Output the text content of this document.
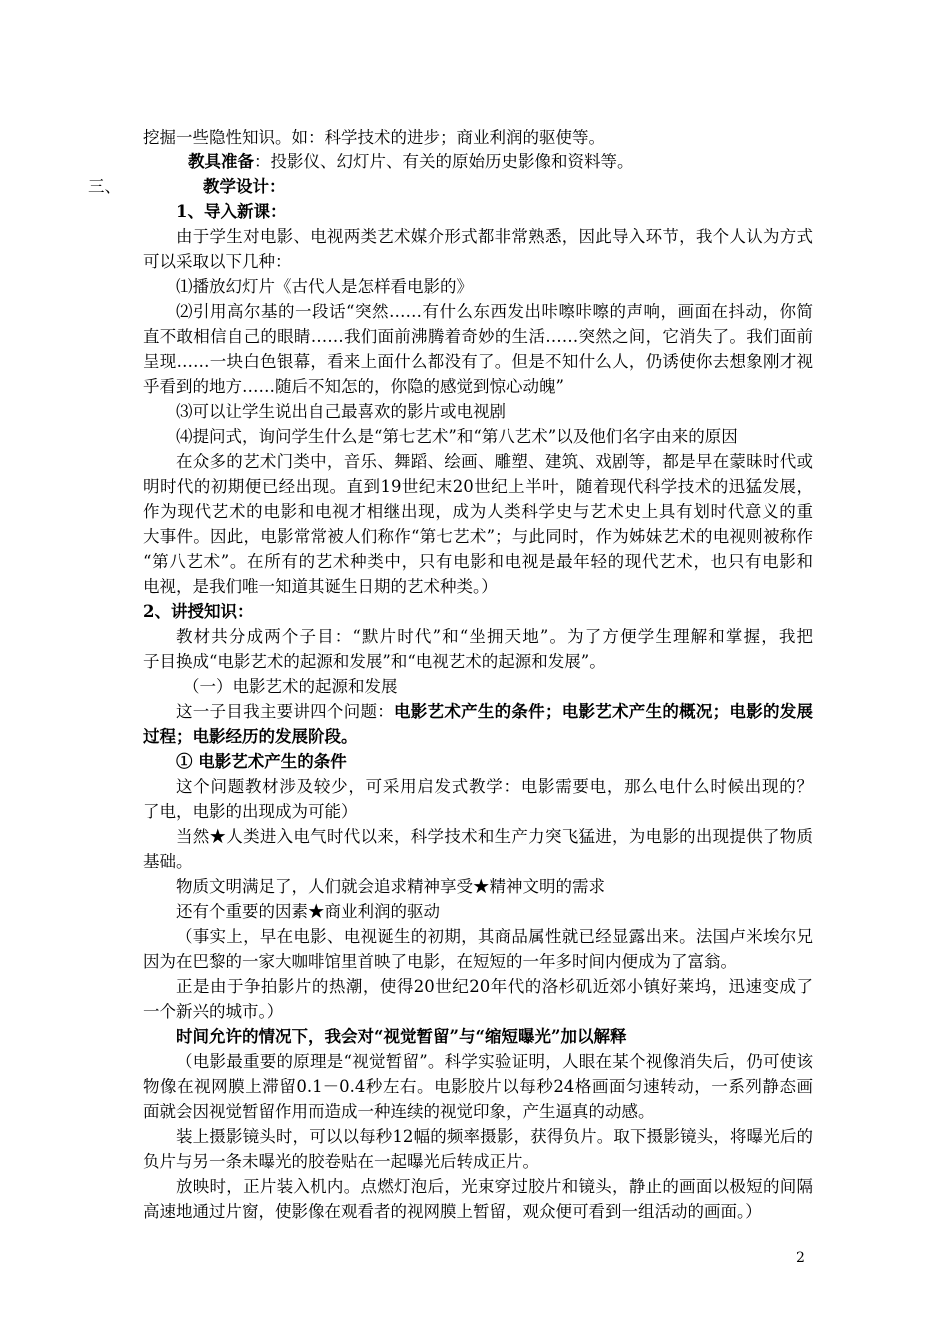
挖掘一些隐性知识。如：科学技术的进步；商业利润的驱使等。
教具准备：投影仪、幻灯片、有关的原始历史影像和资料等。
三、	教学设计：
1、导入新课：
由于学生对电影、电视两类艺术媒介形式都非常熟悉，因此导入环节，我个人认为方式
可以采取以下几种：
⑴播放幻灯片《古代人是怎样看电影的》
⑵引用高尔基的一段话“突然……有什么东西发出咔嚓咔嚓的声响，画面在抖动，你简
直不敢相信自己的眼睛……我们面前沸腾着奇妙的生活……突然之间，它消失了。我们面前
呈现……一块白色银幕，看来上面什么都没有了。但是不知什么人，仍诱使你去想象刚才视
乎看到的地方……随后不知怎的，你隐的感觉到惊心动魄”
⑶可以让学生说出自己最喜欢的影片或电视剧
⑷提问式，询问学生什么是“第七艺术”和“第八艺术”以及他们名字由来的原因
在众多的艺术门类中，音乐、舞蹈、绘画、雕塑、建筑、戏剧等，都是早在蒙昧时代或
明时代的初期便已经出现。直到19世纪末20世纪上半叶，随着现代科学技术的迅猛发展，
作为现代艺术的电影和电视才相继出现，成为人类科学史与艺术史上具有划时代意义的重
大事件。因此，电影常常被人们称作“第七艺术”；与此同时，作为姊妹艺术的电视则被称作
“第八艺术”。在所有的艺术种类中，只有电影和电视是最年轻的现代艺术，也只有电影和
电视，是我们唯一知道其诞生日期的艺术种类。）
2、讲授知识：
教材共分成两个子目：“默片时代”和“坐拥天地”。为了方便学生理解和掌握，我把
子目换成“电影艺术的起源和发展”和“电视艺术的起源和发展”。
（一）电影艺术的起源和发展
这一子目我主要讲四个问题：电影艺术产生的条件；电影艺术产生的概况；电影的发展
过程；电影经历的发展阶段。
① 电影艺术产生的条件
这个问题教材涉及较少，可采用启发式教学：电影需要电，那么电什么时候出现的？
了电，电影的出现成为可能）
当然★人类进入电气时代以来，科学技术和生产力突飞猛进，为电影的出现提供了物质
基础。
物质文明满足了，人们就会追求精神享受★精神文明的需求
还有个重要的因素★商业利润的驱动
（事实上，早在电影、电视诞生的初期，其商品属性就已经显露出来。法国卢米埃尔兄
因为在巴黎的一家大咖啡馆里首映了电影，在短短的一年多时间内便成为了富翁。
正是由于争拍影片的热潮，使得20世纪20年代的洛杉矶近郊小镇好莱坞，迅速变成了
一个新兴的城市。）
时间允许的情况下，我会对“视觉暂留”与“缩短曝光”加以解释
（电影最重要的原理是“视觉暂留”。科学实验证明，人眼在某个视像消失后，仍可使该
物像在视网膜上滞留0.1－0.4秒左右。电影胶片以每秒24格画面匀速转动，一系列静态画
面就会因视觉暂留作用而造成一种连续的视觉印象，产生逼真的动感。
装上摄影镜头时，可以以每秒12幅的频率摄影，获得负片。取下摄影镜头，将曝光后的
负片与另一条未曝光的胶卷贴在一起曝光后转成正片。
放映时，正片装入机内。点燃灯泡后，光束穿过胶片和镜头，静止的画面以极短的间隔
高速地通过片窗，使影像在观看者的视网膜上暂留，观众便可看到一组活动的画面。）
2
